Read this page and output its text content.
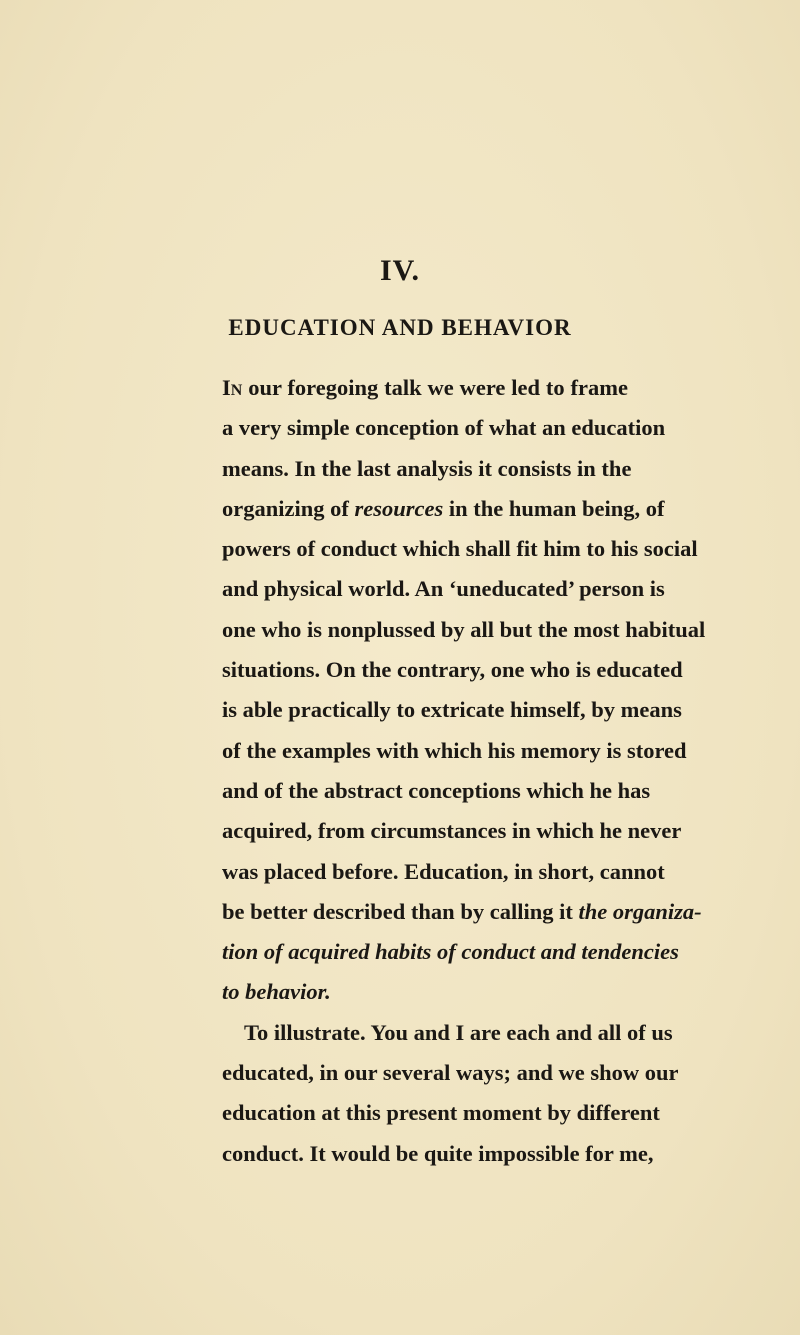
IV.
EDUCATION AND BEHAVIOR
In our foregoing talk we were led to frame
a very simple conception of what an education
means. In the last analysis it consists in the
organizing of resources in the human being, of
powers of conduct which shall fit him to his social
and physical world. An ‘uneducated’ person is
one who is nonplussed by all but the most habitual
situations. On the contrary, one who is educated
is able practically to extricate himself, by means
of the examples with which his memory is stored
and of the abstract conceptions which he has
acquired, from circumstances in which he never
was placed before. Education, in short, cannot
be better described than by calling it the organiza-
tion of acquired habits of conduct and tendencies
to behavior.
To illustrate. You and I are each and all of us
educated, in our several ways; and we show our
education at this present moment by different
conduct. It would be quite impossible for me,
